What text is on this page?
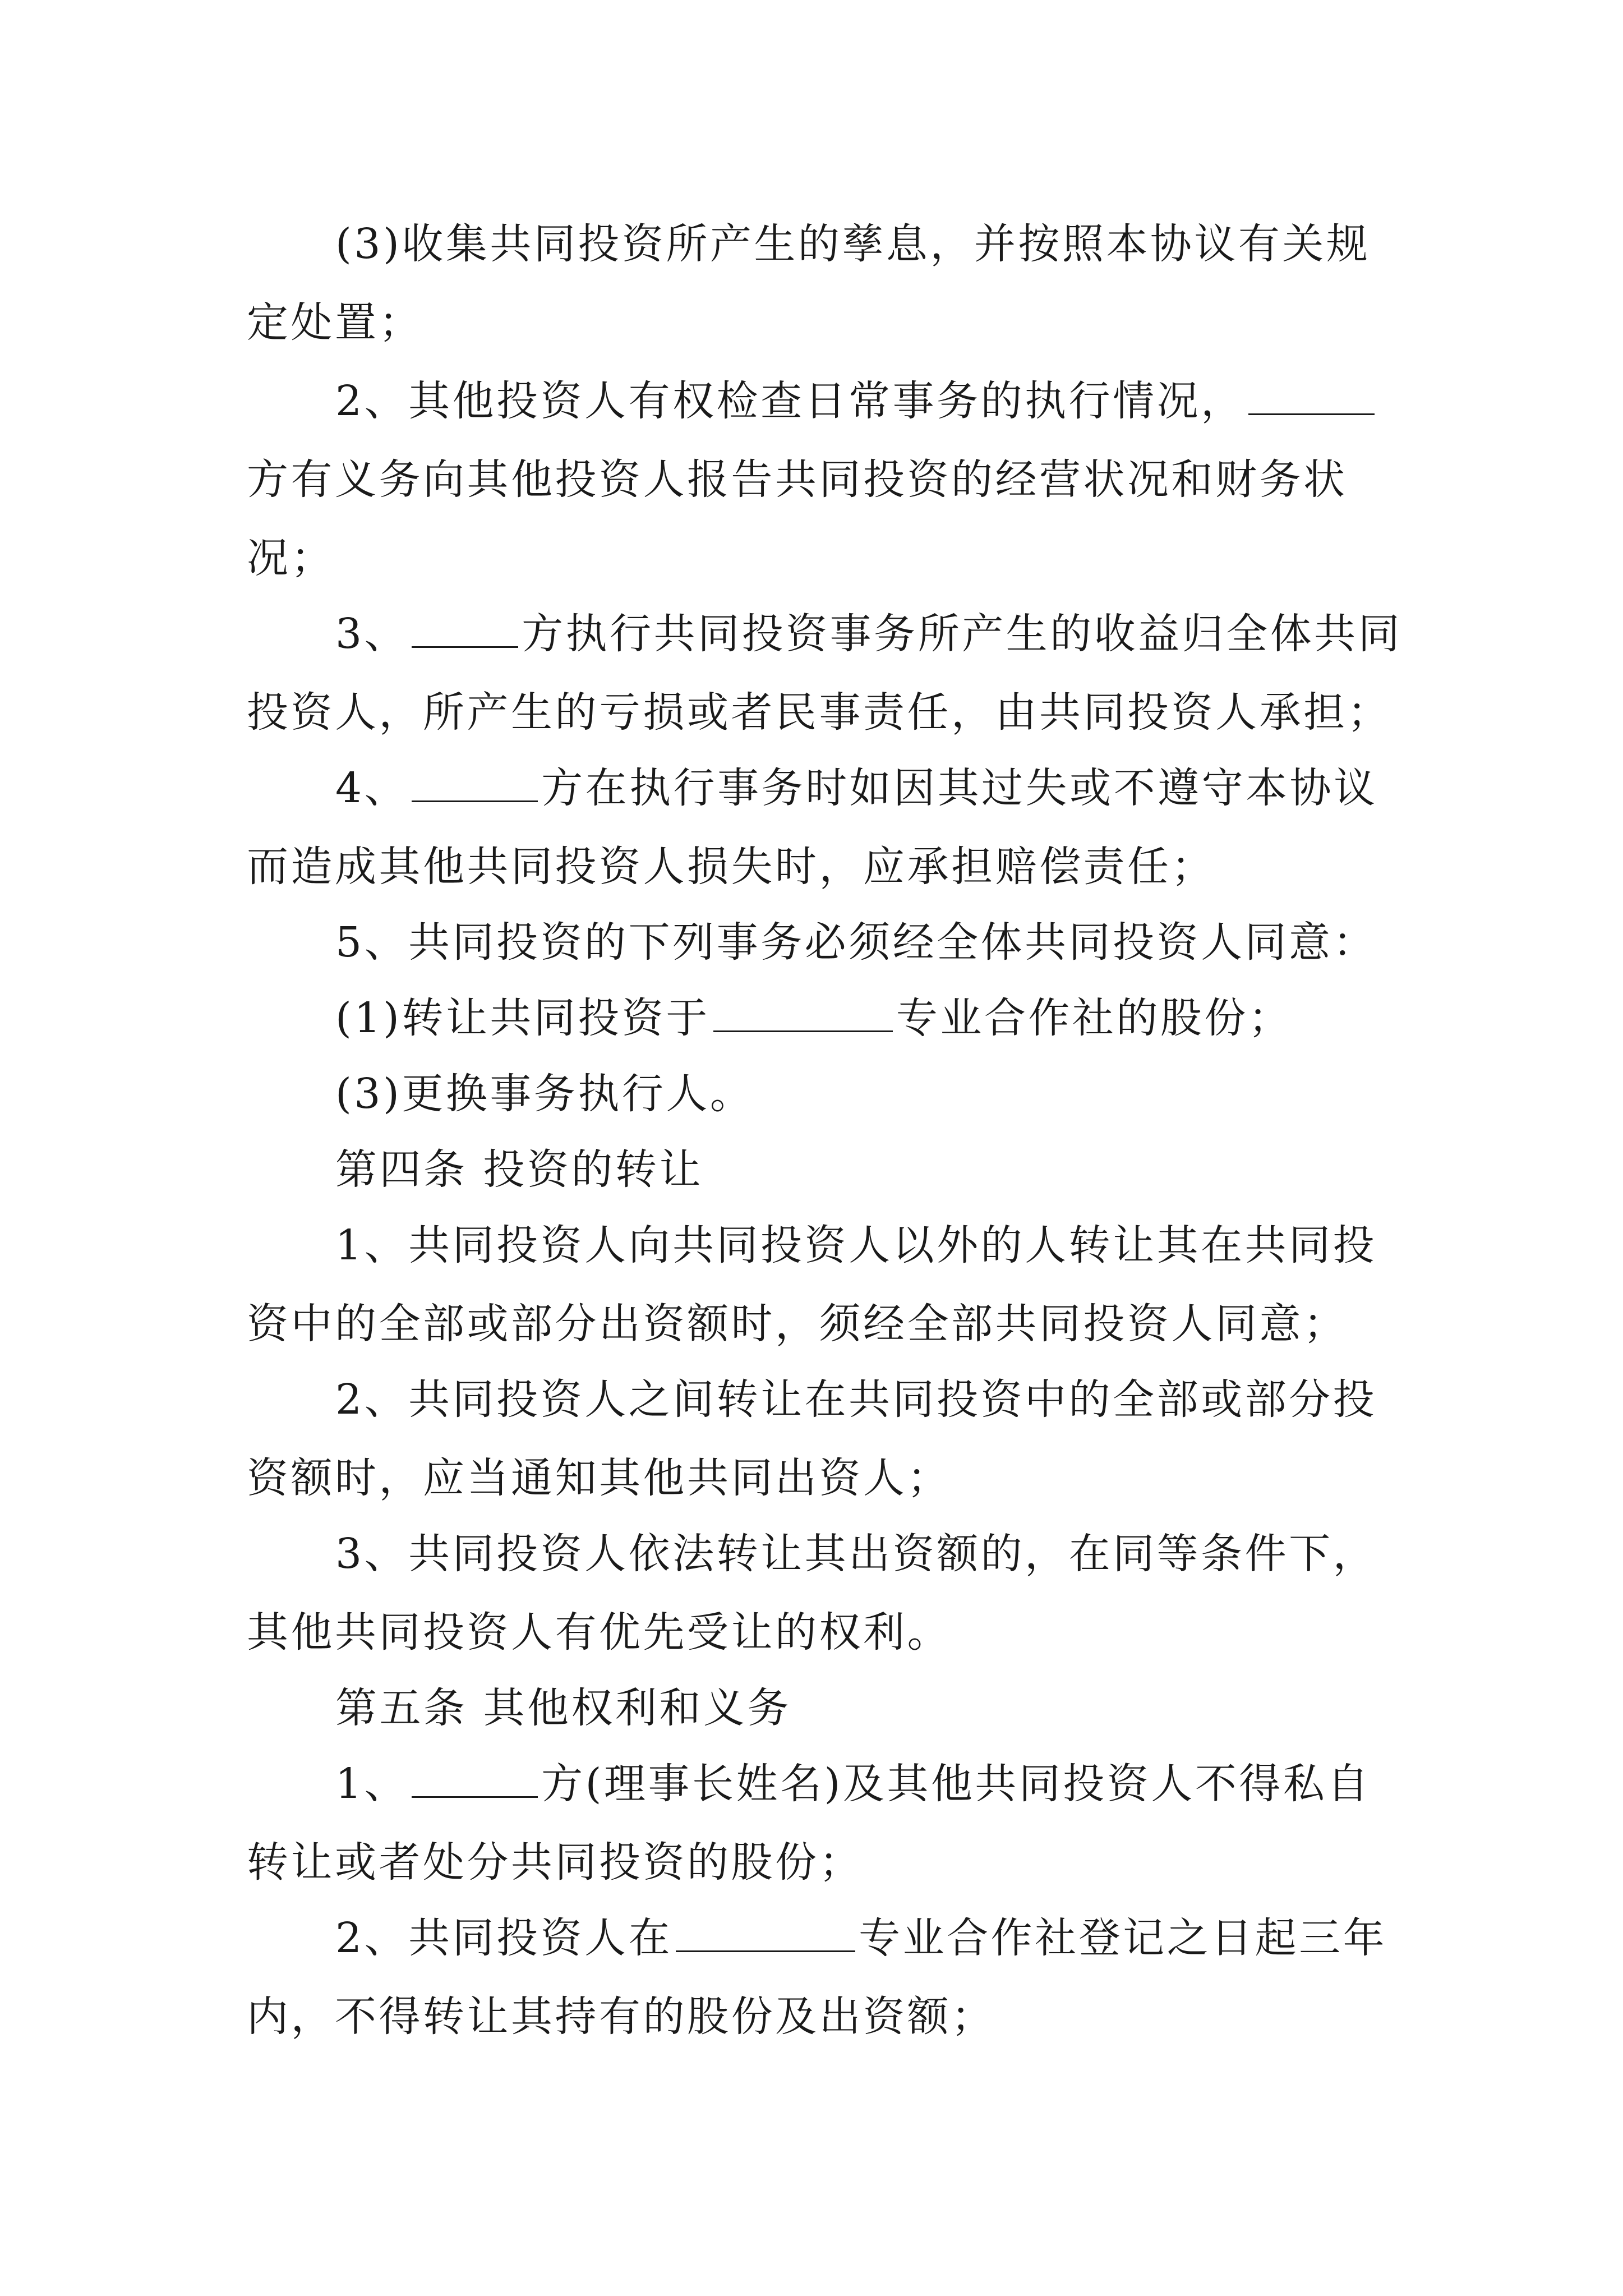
(3)收集共同投资所产生的孳息，并按照本协议有关规
定处置；
2、其他投资人有权检查日常事务的执行情况，
方有义务向其他投资人报告共同投资的经营状况和财务状
况；
3、	方执行共同投资事务所产生的收益归全体共同
投资人，所产生的亏损或者民事责任，由共同投资人承担；
4、	方在执行事务时如因其过失或不遵守本协议
而造成其他共同投资人损失时，应承担赔偿责任；
5、共同投资的下列事务必须经全体共同投资人同意：
(1)转让共同投资于	专业合作社的股份；
(3)更换事务执行人。
第四条 投资的转让
1、共同投资人向共同投资人以外的人转让其在共同投
资中的全部或部分出资额时，须经全部共同投资人同意；
2、共同投资人之间转让在共同投资中的全部或部分投
资额时，应当通知其他共同出资人；
3、共同投资人依法转让其出资额的，在同等条件下，
其他共同投资人有优先受让的权利。
第五条 其他权利和义务
1、	方(理事长姓名)及其他共同投资人不得私自
转让或者处分共同投资的股份；
2、共同投资人在	专业合作社登记之日起三年
内，不得转让其持有的股份及出资额；
